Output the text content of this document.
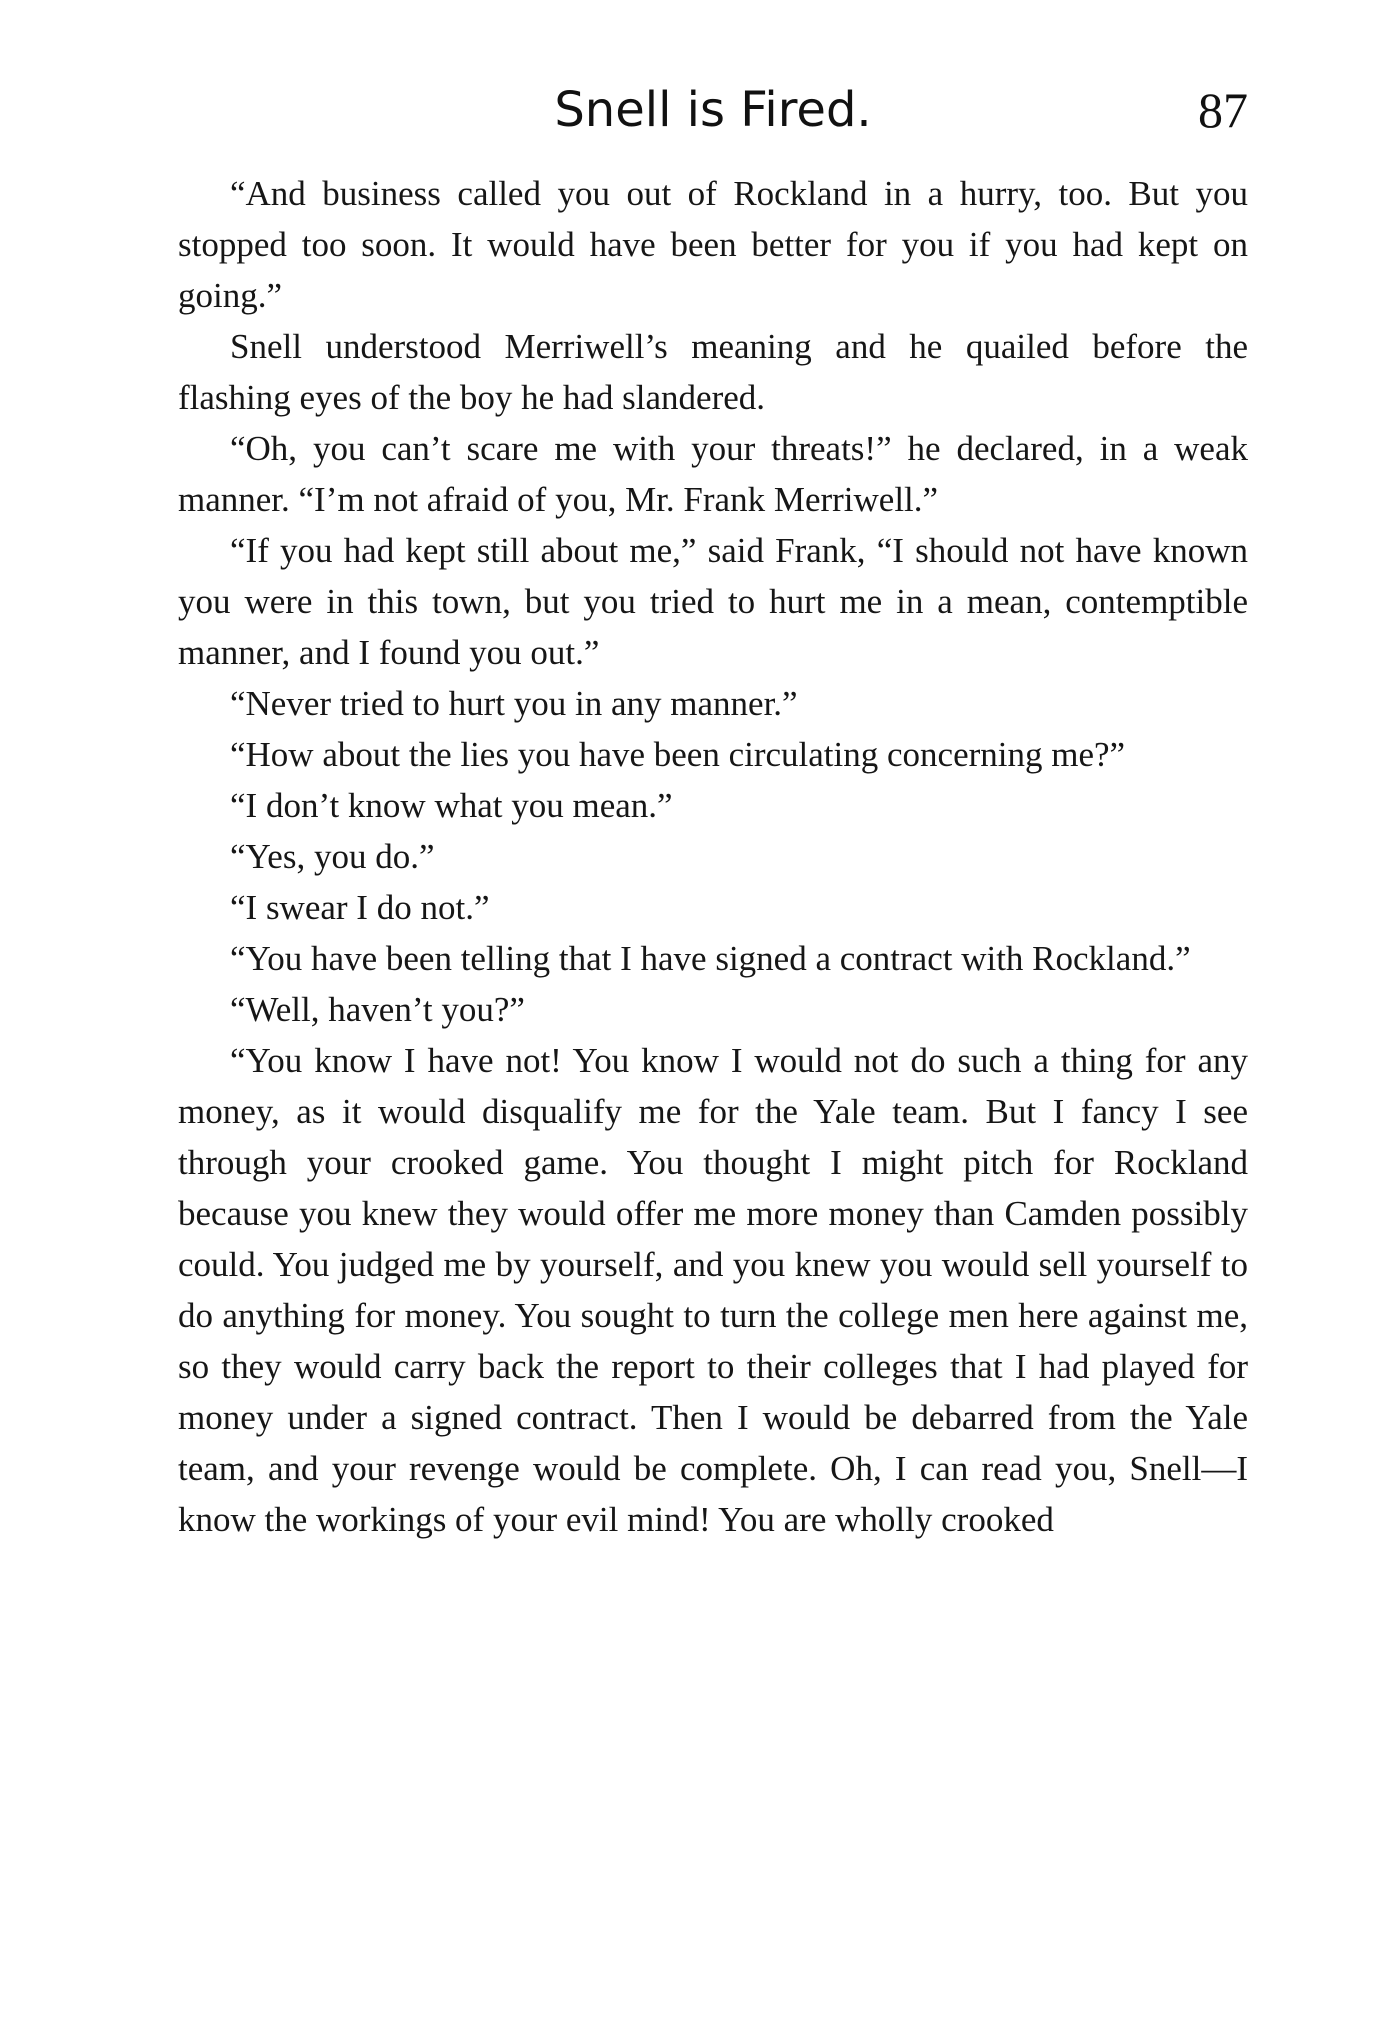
Snell is Fired.	87

“And business called you out of Rockland in a hurry, too. But you stopped too soon. It would have been better for you if you had kept on going.”

Snell understood Merriwell’s meaning and he quailed before the flashing eyes of the boy he had slandered.

“Oh, you can’t scare me with your threats!” he declared, in a weak manner. “I’m not afraid of you, Mr. Frank Merriwell.”

“If you had kept still about me,” said Frank, “I should not have known you were in this town, but you tried to hurt me in a mean, contemptible manner, and I found you out.”

“Never tried to hurt you in any manner.”

“How about the lies you have been circulating concerning me?”

“I don’t know what you mean.”

“Yes, you do.”

“I swear I do not.”

“You have been telling that I have signed a contract with Rockland.”

“Well, haven’t you?”

“You know I have not! You know I would not do such a thing for any money, as it would disqualify me for the Yale team. But I fancy I see through your crooked game. You thought I might pitch for Rockland because you knew they would offer me more money than Camden possibly could. You judged me by yourself, and you knew you would sell yourself to do anything for money. You sought to turn the college men here against me, so they would carry back the report to their colleges that I had played for money under a signed contract. Then I would be debarred from the Yale team, and your revenge would be complete. Oh, I can read you, Snell—I know the workings of your evil mind! You are wholly crooked
